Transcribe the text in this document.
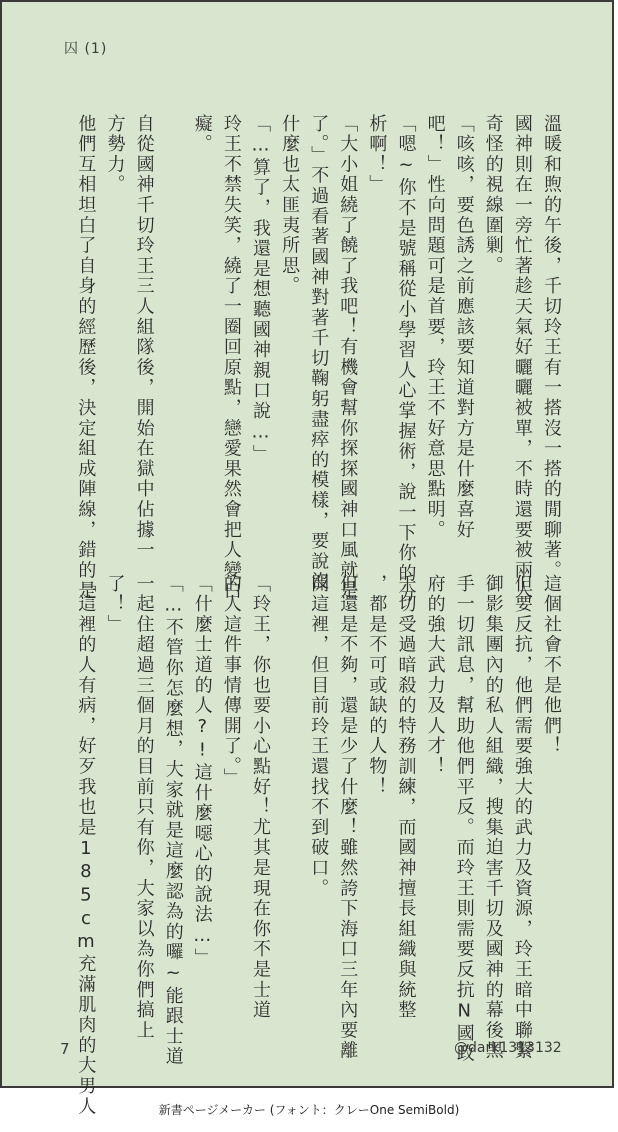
囚 (1)
溫暖和煦的午後，千切玲王有一搭沒一搭的閒聊著。
國神則在一旁忙著趁天氣好曬曬被單，不時還要被兩人
奇怪的視線圍剿。
「咳咳，要色誘之前應該要知道對方是什麼喜好
吧！」性向問題可是首要，玲王不好意思點明。
「嗯~你不是號稱從小學習人心掌握術，說一下你的分
析啊！」
「大小姐繞了饒了我吧！有機會幫你探探國神口風就是
了。」不過看著國神對著千切鞠躬盡瘁的模樣，要說沒
什麼也太匪夷所思。
「…算了，我還是想聽國神親口說…」
玲王不禁失笑，繞了一圈回原點，戀愛果然會把人變白
癡。
自從國神千切玲王三人組隊後，開始在獄中佔據一
方勢力。
他們互相坦白了自身的經歷後，決定組成陣線，錯的是
這個社會不是他們！
但要反抗，他們需要強大的武力及資源，玲王暗中聯繫
御影集團內的私人組織，搜集迫害千切及國神的幕後黑
手一切訊息，幫助他們平反。而玲王則需要反抗N國政
府的強大武力及人才！
千切受過暗殺的特務訓練，而國神擅長組織與統整
，都是不可或缺的人物！
但還是不夠，還是少了什麼！雖然誇下海口三年內要離
開這裡，但目前玲王還找不到破口。
「玲王，你也要小心點好！尤其是現在你不是士道
的人這件事情傳開了。」
「什麼士道的人?!這什麼噁心的說法…」
「…不管你怎麼想，大家就是這麼認為的囉~能跟士道
一起住超過三個月的目前只有你，大家以為你們搞上
了！」
「這裡的人有病，好歹我也是185cm充滿肌肉的大男人
7	@dark1313132
新書ページメーカー (フォント：クレーOne SemiBold)
